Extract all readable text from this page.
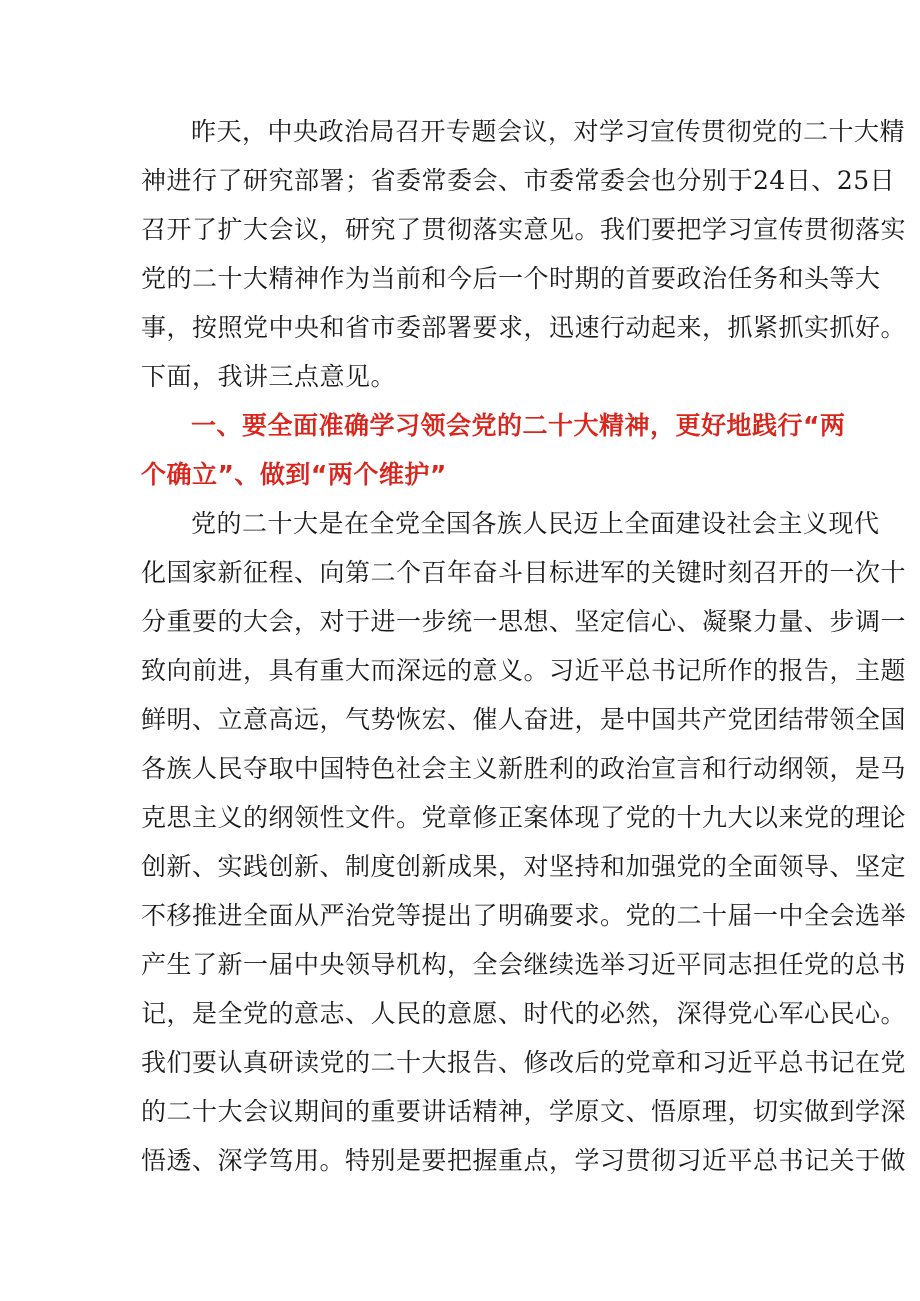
昨天，中央政治局召开专题会议，对学习宣传贯彻党的二十大精
神进行了研究部署；省委常委会、市委常委会也分别于24日、25日
召开了扩大会议，研究了贯彻落实意见。我们要把学习宣传贯彻落实
党的二十大精神作为当前和今后一个时期的首要政治任务和头等大
事，按照党中央和省市委部署要求，迅速行动起来，抓紧抓实抓好。
下面，我讲三点意见。
一、要全面准确学习领会党的二十大精神，更好地践行“两
个确立”、做到“两个维护”
党的二十大是在全党全国各族人民迈上全面建设社会主义现代
化国家新征程、向第二个百年奋斗目标进军的关键时刻召开的一次十
分重要的大会，对于进一步统一思想、坚定信心、凝聚力量、步调一
致向前进，具有重大而深远的意义。习近平总书记所作的报告，主题
鲜明、立意高远，气势恢宏、催人奋进，是中国共产党团结带领全国
各族人民夺取中国特色社会主义新胜利的政治宣言和行动纲领，是马
克思主义的纲领性文件。党章修正案体现了党的十九大以来党的理论
创新、实践创新、制度创新成果，对坚持和加强党的全面领导、坚定
不移推进全面从严治党等提出了明确要求。党的二十届一中全会选举
产生了新一届中央领导机构，全会继续选举习近平同志担任党的总书
记，是全党的意志、人民的意愿、时代的必然，深得党心军心民心。
我们要认真研读党的二十大报告、修改后的党章和习近平总书记在党
的二十大会议期间的重要讲话精神，学原文、悟原理，切实做到学深
悟透、深学笃用。特别是要把握重点，学习贯彻习近平总书记关于做
